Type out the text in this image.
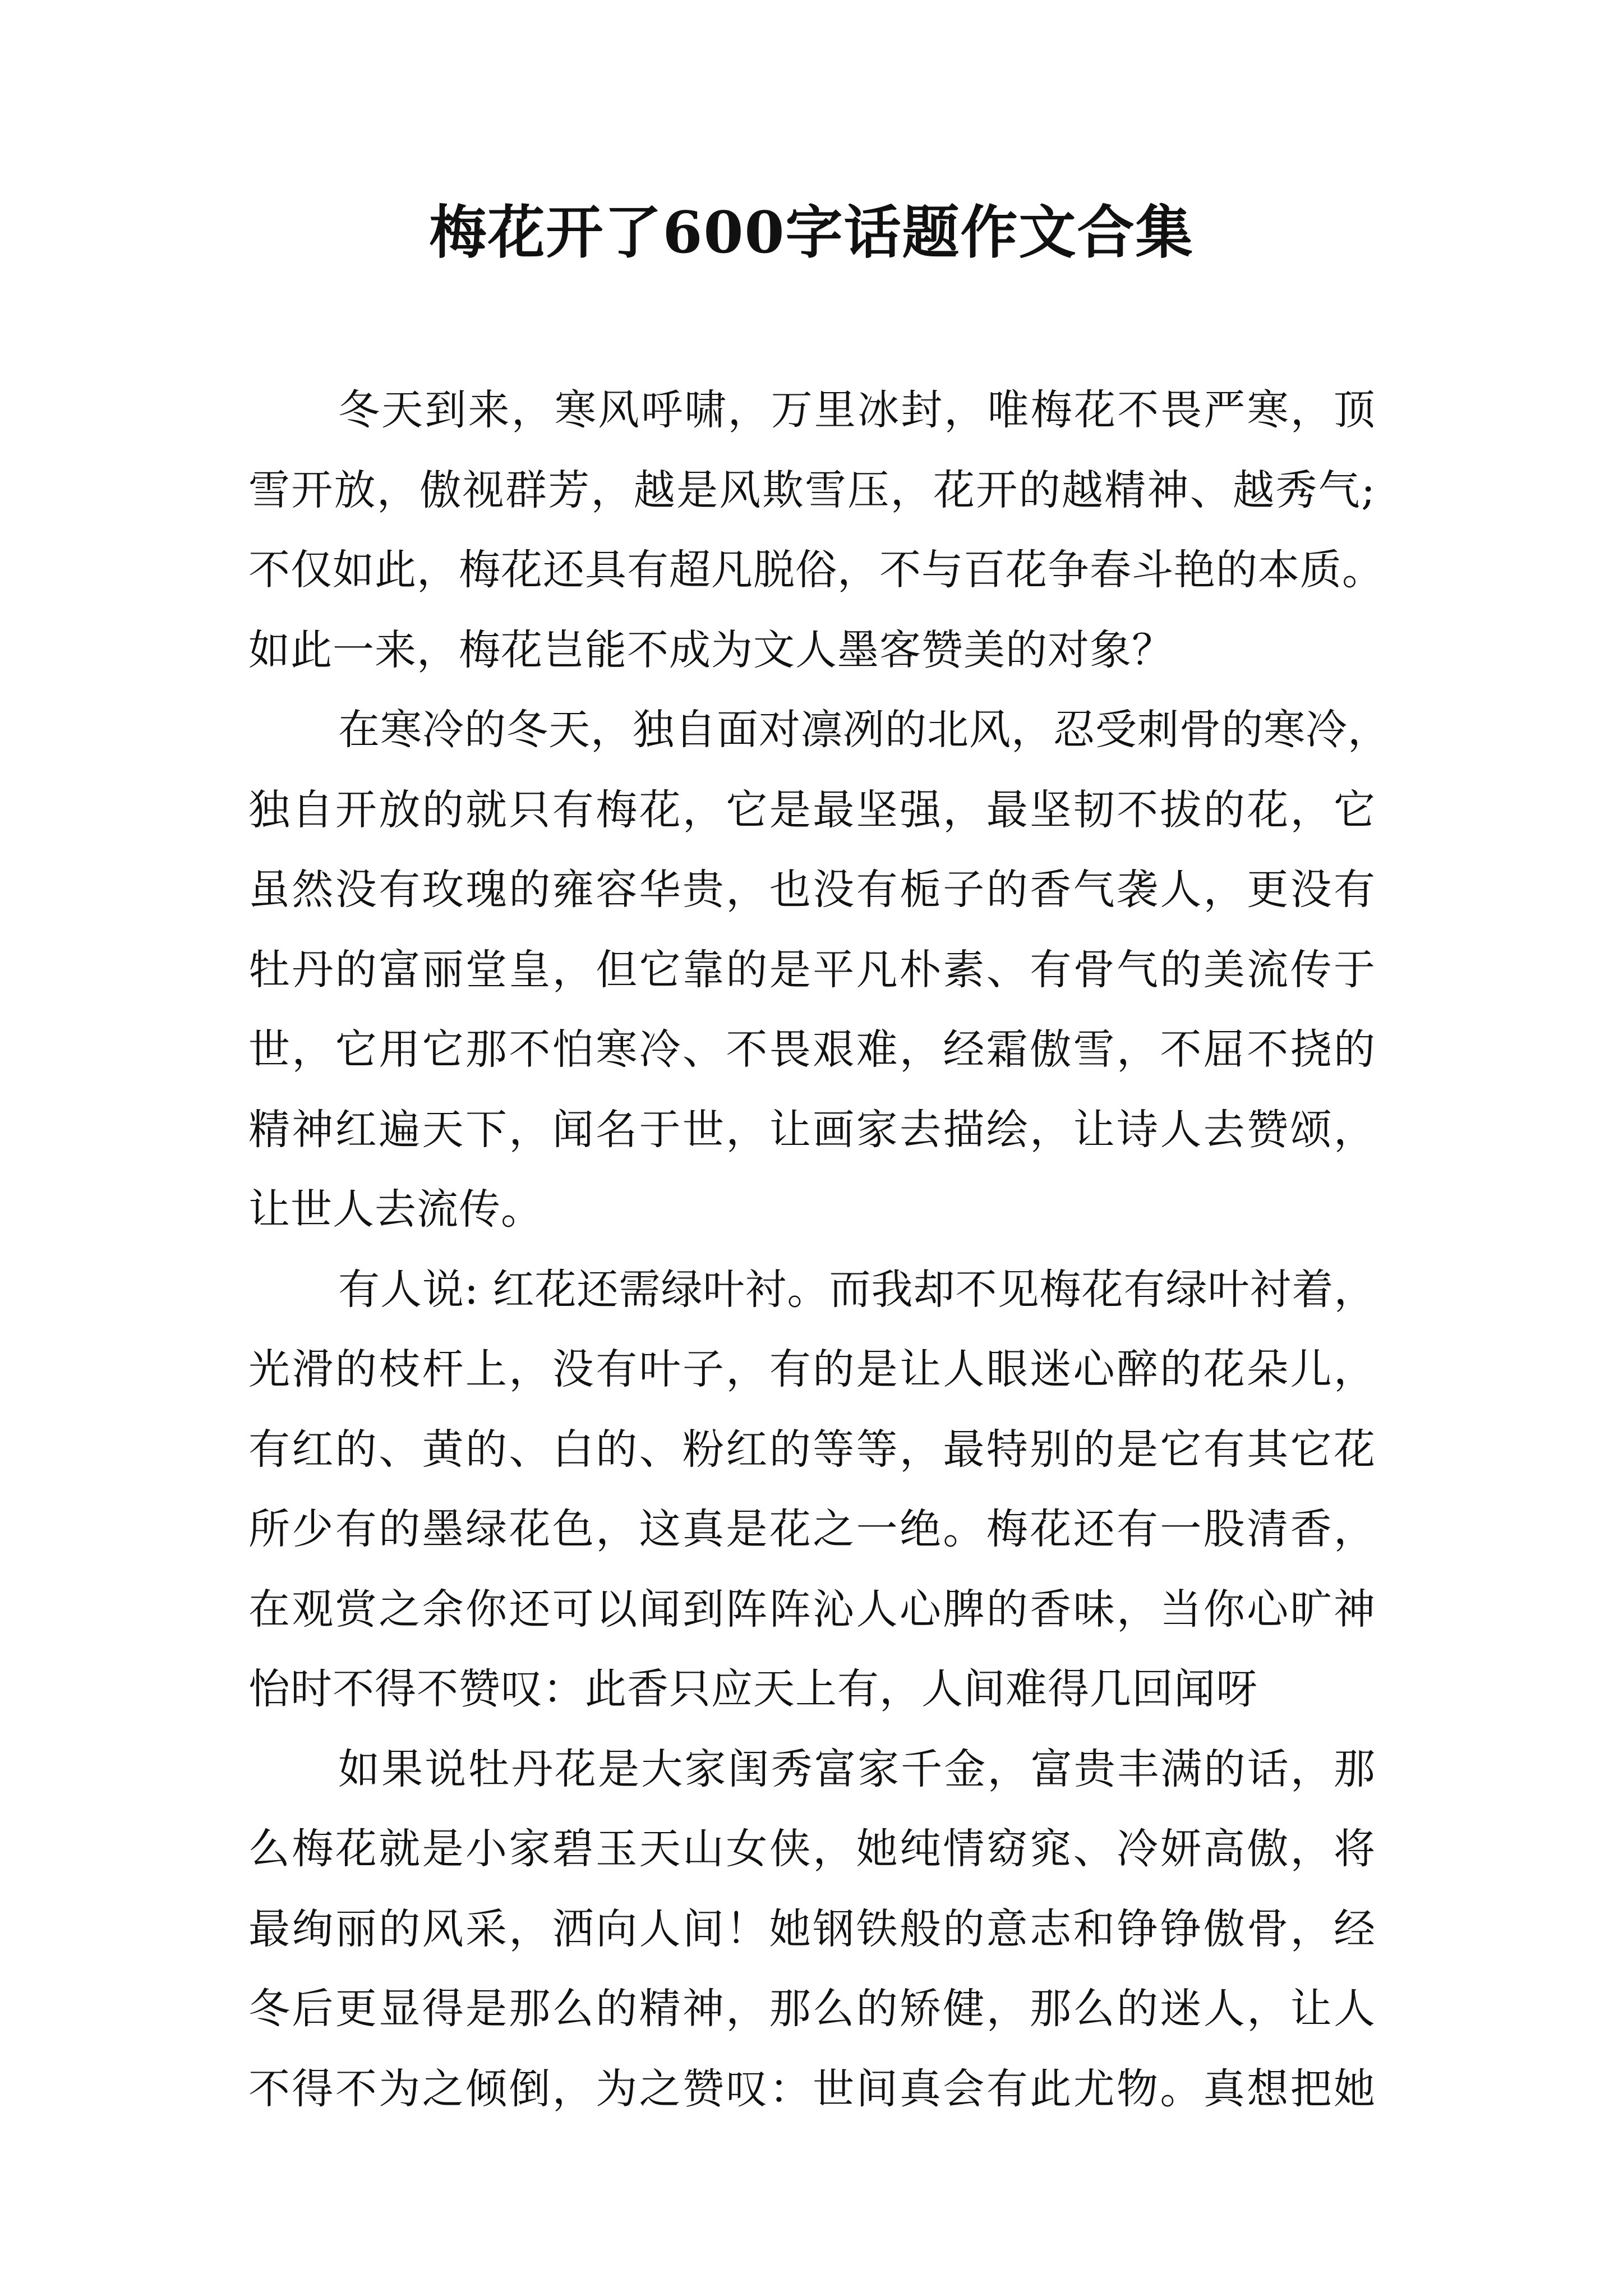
梅花开了600字话题作文合集
冬天到来，寒风呼啸，万里冰封，唯梅花不畏严寒，顶
雪开放，傲视群芳，越是风欺雪压，花开的越精神、越秀气;
不仅如此，梅花还具有超凡脱俗，不与百花争春斗艳的本质。
如此一来，梅花岂能不成为文人墨客赞美的对象？
在寒冷的冬天，独自面对凛冽的北风，忍受刺骨的寒冷，
独自开放的就只有梅花，它是最坚强，最坚韧不拔的花，它
虽然没有玫瑰的雍容华贵，也没有栀子的香气袭人，更没有
牡丹的富丽堂皇，但它靠的是平凡朴素、有骨气的美流传于
世，它用它那不怕寒冷、不畏艰难，经霜傲雪，不屈不挠的
精神红遍天下，闻名于世，让画家去描绘，让诗人去赞颂，
让世人去流传。
有人说: 红花还需绿叶衬。而我却不见梅花有绿叶衬着，
光滑的枝杆上，没有叶子，有的是让人眼迷心醉的花朵儿，
有红的、黄的、白的、粉红的等等，最特别的是它有其它花
所少有的墨绿花色，这真是花之一绝。梅花还有一股清香，
在观赏之余你还可以闻到阵阵沁人心脾的香味，当你心旷神
怡时不得不赞叹：此香只应天上有，人间难得几回闻呀
如果说牡丹花是大家闺秀富家千金，富贵丰满的话，那
么梅花就是小家碧玉天山女侠，她纯情窈窕、冷妍高傲，将
最绚丽的风采，洒向人间！她钢铁般的意志和铮铮傲骨，经
冬后更显得是那么的精神，那么的矫健，那么的迷人，让人
不得不为之倾倒，为之赞叹：世间真会有此尤物。真想把她
